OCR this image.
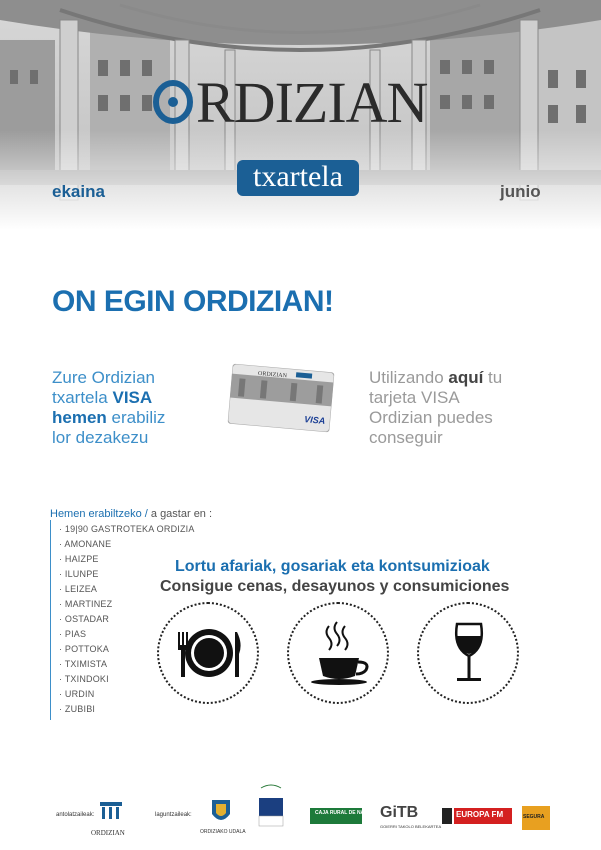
RDIZIAN
txartela
ekaina	junio
ON EGIN ORDIZIAN!
Zure Ordizian
txartela VISA
hemen erabiliz
lor dezakezu
ORDIZIAN
VISA
Utilizando aquí tu
tarjeta VISA
Ordizian puedes
conseguir
Hemen erabiltzeko / a gastar en :
· 19|90 GASTROTEKA ORDIZIA
· AMONANE
· HAIZPE
· ILUNPE
· LEIZEA
· MARTINEZ
· OSTADAR
· PIAS
· POTTOKA
· TXIMISTA
· TXINDOKI
· URDIN
· ZUBIBI
Lortu afariak, gosariak eta kontsumizioak
Consigue cenas, desayunos y consumiciones
antolatzaileak:
ORDIZIAN
laguntzaileak:
ORDIZIAKO UDALA
CAJA RURAL DE NAVARRA
GiTB
GOIERRI TAKOLO BELEKARTEA
EUROPA FM	SEGURA
